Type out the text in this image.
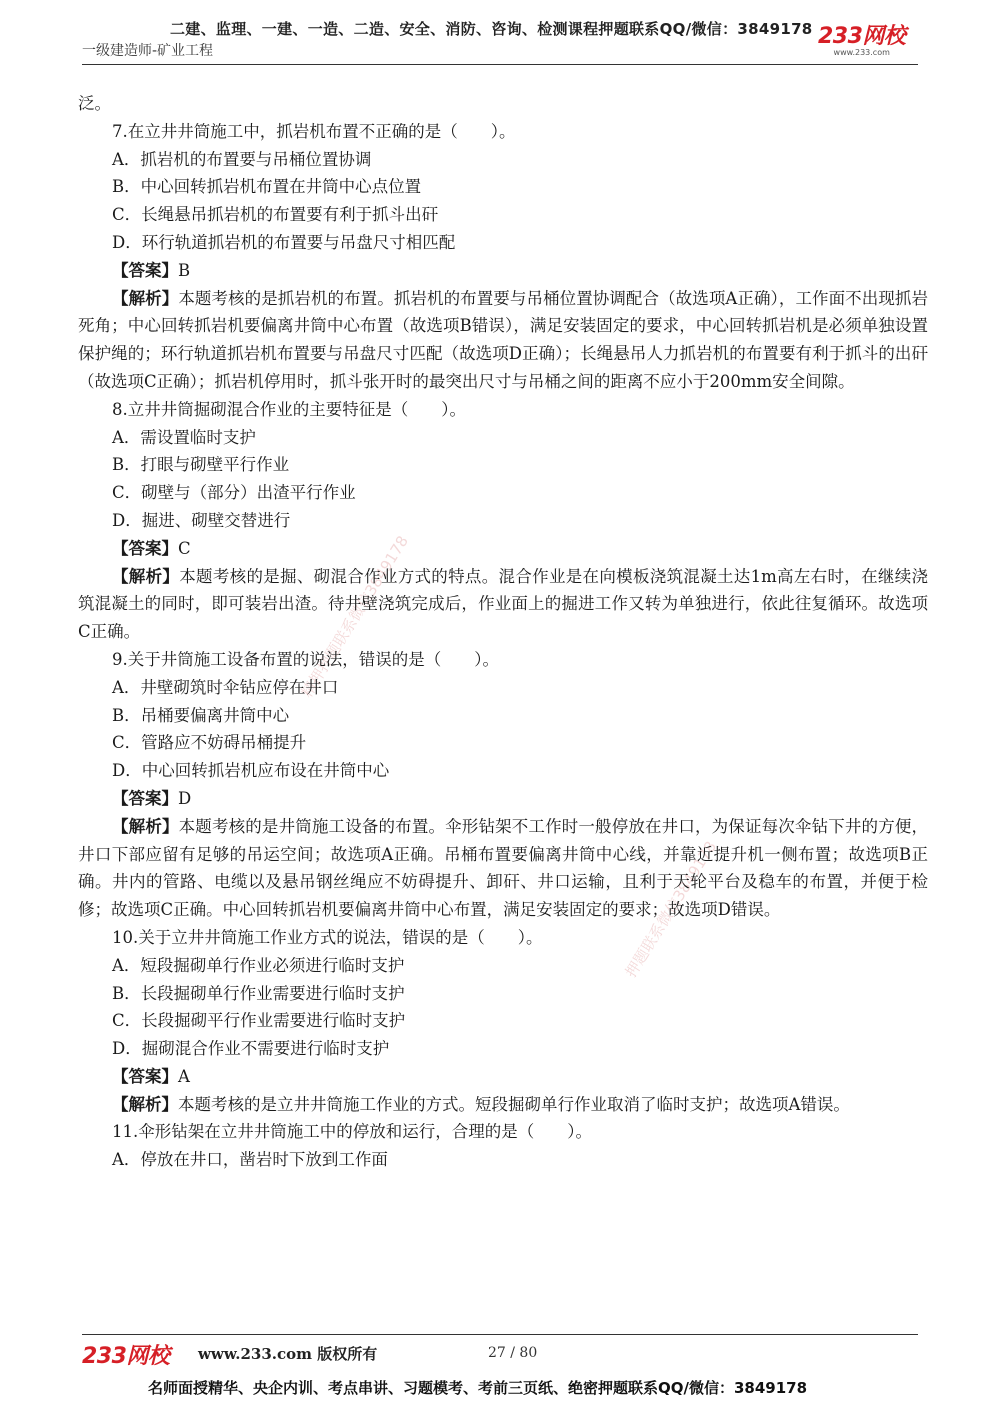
二建、监理、一建、一造、二造、安全、消防、咨询、检测课程押题联系QQ/微信：3849178
一级建造师-矿业工程
233网校
www.233.com
精押押题联系微信3849178
押题联系微信3849178

泛。

7.在立井井筒施工中，抓岩机布置不正确的是（　　）。

A．抓岩机的布置要与吊桶位置协调

B．中心回转抓岩机布置在井筒中心点位置

C．长绳悬吊抓岩机的布置要有利于抓斗出矸

D．环行轨道抓岩机的布置要与吊盘尺寸相匹配

【答案】B

【解析】本题考核的是抓岩机的布置。抓岩机的布置要与吊桶位置协调配合（故选项A正确），工作面不出现抓岩死角；中心回转抓岩机要偏离井筒中心布置（故选项B错误），满足安装固定的要求，中心回转抓岩机是必须单独设置保护绳的；环行轨道抓岩机布置要与吊盘尺寸匹配（故选项D正确）；长绳悬吊人力抓岩机的布置要有利于抓斗的出矸（故选项C正确）；抓岩机停用时，抓斗张开时的最突出尺寸与吊桶之间的距离不应小于200mm安全间隙。

8.立井井筒掘砌混合作业的主要特征是（　　）。

A．需设置临时支护

B．打眼与砌壁平行作业

C．砌壁与（部分）出渣平行作业

D．掘进、砌壁交替进行

【答案】C

【解析】本题考核的是掘、砌混合作业方式的特点。混合作业是在向模板浇筑混凝土达1m高左右时，在继续浇筑混凝土的同时，即可装岩出渣。待井壁浇筑完成后，作业面上的掘进工作又转为单独进行，依此往复循环。故选项C正确。

9.关于井筒施工设备布置的说法，错误的是（　　）。

A．井壁砌筑时伞钻应停在井口

B．吊桶要偏离井筒中心

C．管路应不妨碍吊桶提升

D．中心回转抓岩机应布设在井筒中心

【答案】D

【解析】本题考核的是井筒施工设备的布置。伞形钻架不工作时一般停放在井口，为保证每次伞钻下井的方便，井口下部应留有足够的吊运空间；故选项A正确。吊桶布置要偏离井筒中心线，并靠近提升机一侧布置；故选项B正确。井内的管路、电缆以及悬吊钢丝绳应不妨碍提升、卸矸、井口运输，且利于天轮平台及稳车的布置，并便于检修；故选项C正确。中心回转抓岩机要偏离井筒中心布置，满足安装固定的要求；故选项D错误。

10.关于立井井筒施工作业方式的说法，错误的是（　　）。

A．短段掘砌单行作业必须进行临时支护

B．长段掘砌单行作业需要进行临时支护

C．长段掘砌平行作业需要进行临时支护

D．掘砌混合作业不需要进行临时支护

【答案】A

【解析】本题考核的是立井井筒施工作业的方式。短段掘砌单行作业取消了临时支护；故选项A错误。

11.伞形钻架在立井井筒施工中的停放和运行，合理的是（　　）。

A．停放在井口，凿岩时下放到工作面

233网校 www.233.com 版权所有	27 / 80
名师面授精华、央企内训、考点串讲、习题模考、考前三页纸、绝密押题联系QQ/微信：3849178
